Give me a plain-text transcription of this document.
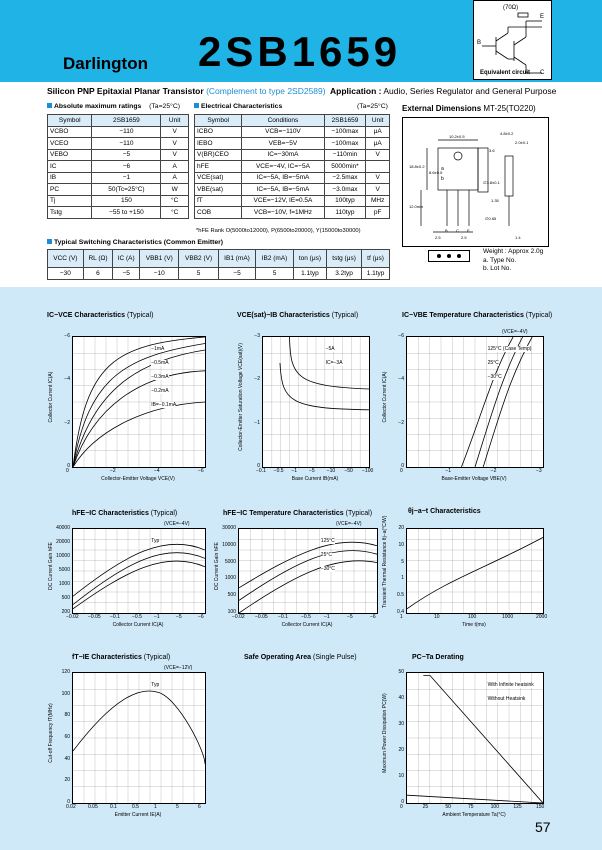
Darlington 2SB1659
(70Ω)
E
B
C
Equivalent circuit
Silicon PNP Epitaxial Planar Transistor (Complement to type 2SD2589) Application : Audio, Series Regulator and General Purpose
Absolute maximum ratings (Ta=25°C)
Symbol	2SB1659	Unit
VCBO	−110	V
VCEO	−110	V
VEBO	−5	V
IC	−6	A
IB	−1	A
PC	50(Tc=25°C)	W
Tj	150	°C
Tstg	−55 to +150	°C
Electrical Characteristics	(Ta=25°C)
Symbol	Conditions	2SB1659	Unit
ICBO	VCB=−110V	−100max	μA
IEBO	VEB=−5V	−100max	μA
V(BR)CEO	IC=−30mA	−110min	V
hFE	VCE=−4V, IC=−5A	5000min*	
VCE(sat)	IC=−5A, IB=−5mA	−2.5max	V
VBE(sat)	IC=−5A, IB=−5mA	−3.0max	V
fT	VCE=−12V, IE=0.5A	100typ	MHz
COB	VCB=−10V, f=1MHz	110typ	pF
*hFE Rank O(5000to12000), P(6500to20000), Y(15000to30000)
Typical Switching Characteristics (Common Emitter)
VCC (V)	RL (Ω)	IC (A)	VBB1 (V)	VBB2 (V)	IB1 (mA)	IB2 (mA)	ton (μs)	tstg (μs)	tf (μs)
−30	6	−5	−10	5	−5	5	1.1typ	3.2typ	1.1typ
External Dimensions MT-25(TO220)
10.2±0.5
4.8±0.2
2.0±0.1
3.6
18.8±0.2
8.6±0.5
12.0min
1.35
2.5	2.5	1.4
∅3.8±0.1
∅0.65
B C E
a
b
Weight : Approx 2.0g
a. Type No.
b. Lot No.
IC−VCE Characteristics (Typical)
0	−2	−4	−6
0
−2
−4
−6
Collector-Emitter Voltage VCE(V)
Collector Current IC(A)
−1mA
−0.5mA
−0.3mA
−0.2mA
IB=−0.1mA
VCE(sat)−IB Characteristics (Typical)
−0.1 −0.5 −1 −5 −10 −50 −100
0
−1
−2
−3
Base Current IB(mA)
Collector-Emitter Saturation Voltage VCE(sat)(V)	−5A
IC=−3A
IC−VBE Temperature Characteristics (Typical)
0	−1	−2	−3
0
−2
−4
−6
Base-Emitter Voltage VBE(V)
Collector Current IC(A)
(VCE=−4V)
125°C (Case Temp)
25°C
−30°C
hFE−IC Characteristics (Typical)
−0.02 −0.05 −0.1 −0.5 −1	−5	−6
200
500
1000
5000
10000
20000
40000
Collector Current IC(A)
DC Current Gain hFE
(VCE=−4V)
Typ
hFE−IC Temperature Characteristics (Typical)
−0.02 −0.05 −0.1	−0.5	−1	−5	−6
100
500
1000
5000
10000
30000
Collector Current IC(A)
DC Current Gain hFE
(VCE=−4V)
125°C
25°C
−30°C
θj−a−t Characteristics
1	10	100	1000	2000
0.4
0.5
1
5
10
20
Time t(ms)
Transient Thermal Resistance θj−a(°C/W)
fT−IE Characteristics (Typical)
0.02 0.05 0.1	0.5	1	5	6
0
20
40
60
80
100
120
Emitter Current IE(A)
Cut-off Frequency fT(MHz)
(VCE=−12V)
Typ
Safe Operating Area (Single Pulse)	PC−Ta Derating
0	25	50	75	100	125	150
0
10
20
30
40
50
Ambient Temperature Ta(°C)
Maximum Power Dissipation PC(W)
With Infinite heatsink
Without Heatsink
57
